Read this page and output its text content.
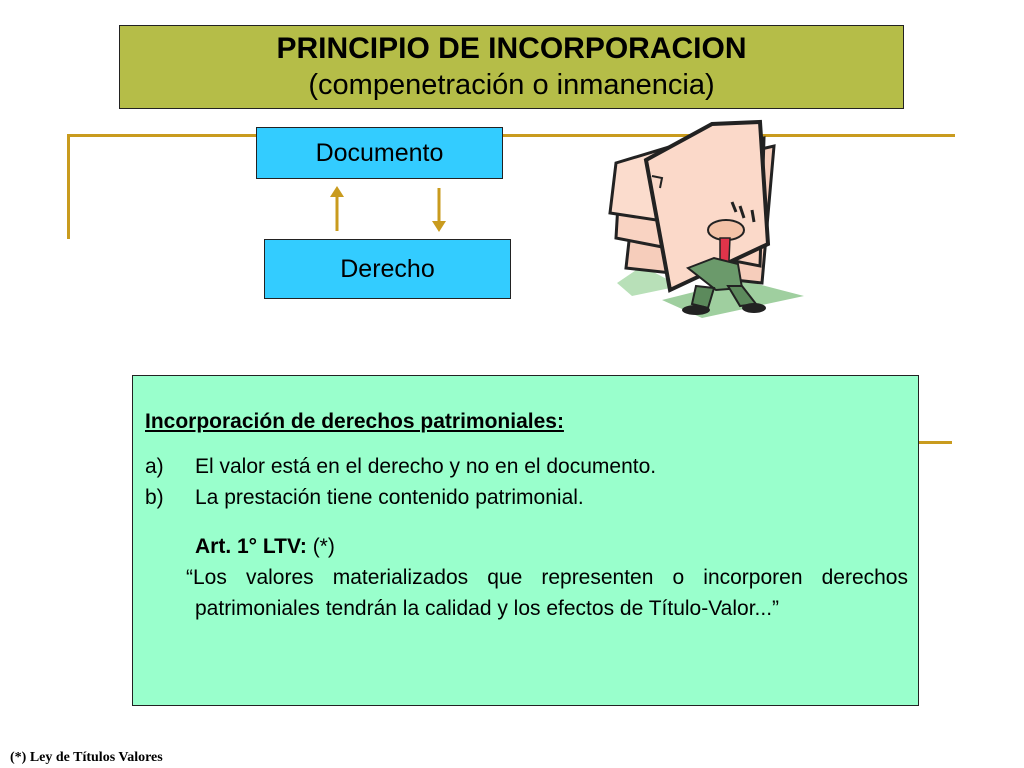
PRINCIPIO DE INCORPORACION
(compenetración o inmanencia)
Documento
Derecho
Incorporación de derechos patrimoniales:
a)	El valor está en el derecho y no en el documento.
b)	La prestación tiene contenido patrimonial.
Art. 1° LTV: (*)
“Los valores materializados que representen o incorporen derechos patrimoniales tendrán la calidad y los efectos de Título-Valor...”
(*) Ley de Títulos Valores
